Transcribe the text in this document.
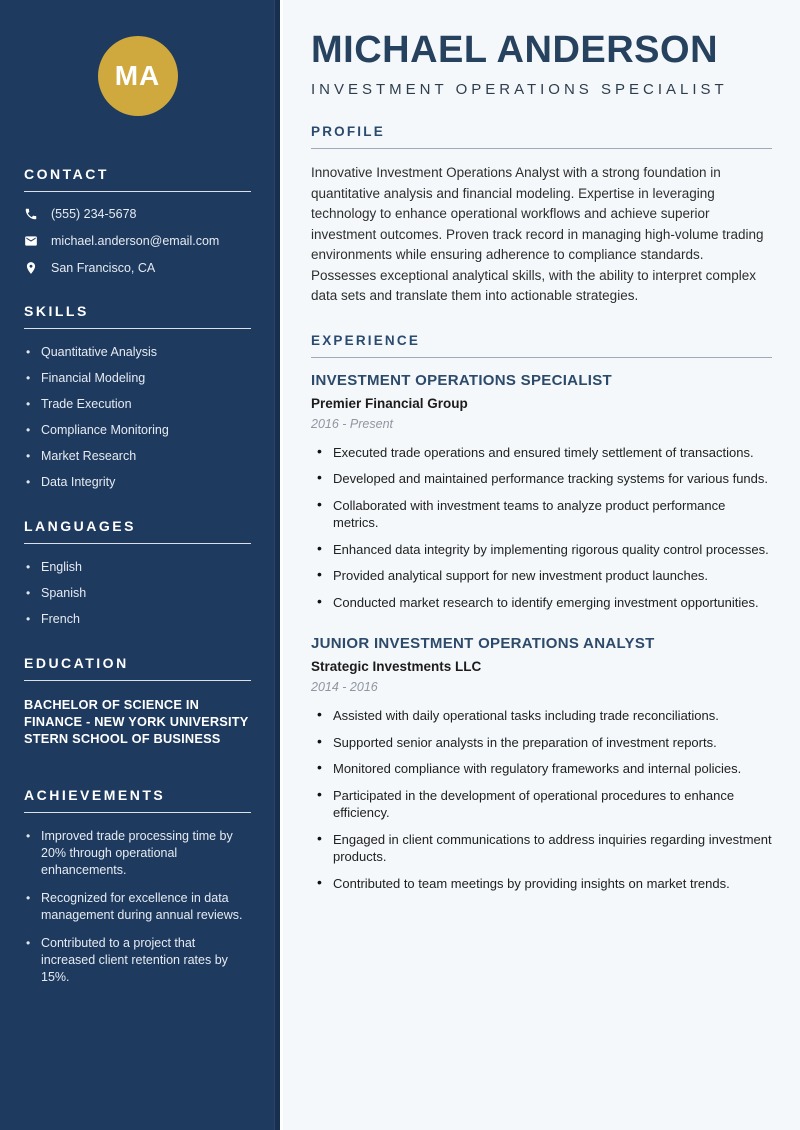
MA
CONTACT
(555) 234-5678
michael.anderson@email.com
San Francisco, CA
SKILLS
• Quantitative Analysis
• Financial Modeling
• Trade Execution
• Compliance Monitoring
• Market Research
• Data Integrity
LANGUAGES
• English
• Spanish
• French
EDUCATION
BACHELOR OF SCIENCE IN FINANCE - NEW YORK UNIVERSITY STERN SCHOOL OF BUSINESS
ACHIEVEMENTS
• Improved trade processing time by 20% through operational enhancements.
• Recognized for excellence in data management during annual reviews.
• Contributed to a project that increased client retention rates by 15%.
MICHAEL ANDERSON
INVESTMENT OPERATIONS SPECIALIST
PROFILE

Innovative Investment Operations Analyst with a strong foundation in quantitative analysis and financial modeling. Expertise in leveraging technology to enhance operational workflows and achieve superior investment outcomes. Proven track record in managing high-volume trading environments while ensuring adherence to compliance standards. Possesses exceptional analytical skills, with the ability to interpret complex data sets and translate them into actionable strategies.

EXPERIENCE
INVESTMENT OPERATIONS SPECIALIST
Premier Financial Group
2016 - Present
• Executed trade operations and ensured timely settlement of transactions.
• Developed and maintained performance tracking systems for various funds.
• Collaborated with investment teams to analyze product performance metrics.
• Enhanced data integrity by implementing rigorous quality control processes.
• Provided analytical support for new investment product launches.
• Conducted market research to identify emerging investment opportunities.
JUNIOR INVESTMENT OPERATIONS ANALYST
Strategic Investments LLC
2014 - 2016
• Assisted with daily operational tasks including trade reconciliations.
• Supported senior analysts in the preparation of investment reports.
• Monitored compliance with regulatory frameworks and internal policies.
• Participated in the development of operational procedures to enhance efficiency.
• Engaged in client communications to address inquiries regarding investment products.
• Contributed to team meetings by providing insights on market trends.
